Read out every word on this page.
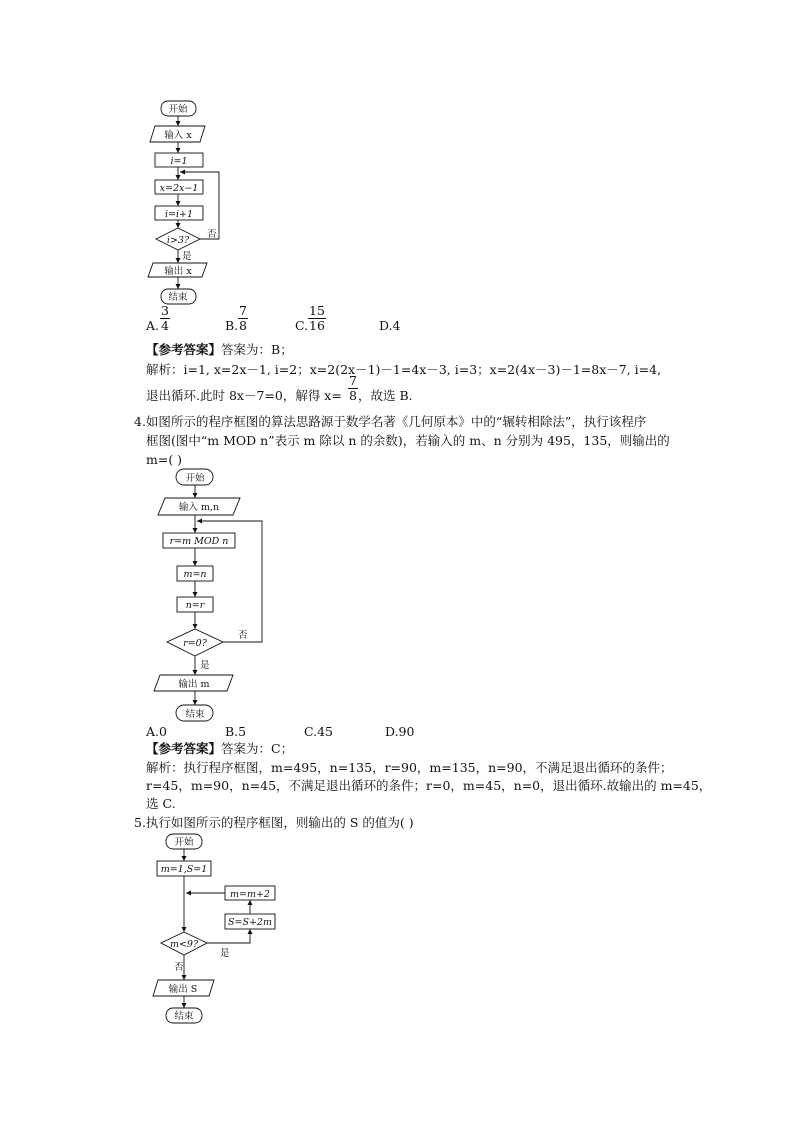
开始
输入 x
i=1
x=2x−1
i=i+1
i>3?
否
是
输出 x
结束
A. $\frac{3}{4}$	B. $\frac{7}{8}$	C. $\frac{15}{16}$	D.4
【参考答案】答案为：B；
解析：i=1, x=2x－1, i=2；x=2(2x－1)－1=4x－3, i=3；x=2(4x－3)－1=8x－7, i=4,
退出循环.此时 8x－7=0，解得 $x= \frac{7}{8}$ ，故选 B.
4.如图所示的程序框图的算法思路源于数学名著《几何原本》中的“辗转相除法”，执行该程序
框图(图中“m MOD n”表示 m 除以 n 的余数)，若输入的 m、n 分别为 495，135，则输出的
m=( )
开始
输入 m,n
r=m MOD n
m=n
n=r
r=0?
否
是
输出 m
结束
A.0	B.5	C.45	D.90
【参考答案】答案为：C；
解析：执行程序框图，m=495，n=135，r=90，m=135，n=90，不满足退出循环的条件；
r=45，m=90，n=45，不满足退出循环的条件；r=0，m=45，n=0，退出循环.故输出的 m=45，
选 C.
5.执行如图所示的程序框图，则输出的 S 的值为( )
开始
m=1,S=1
m=m+2
S=S+2m
m<9?
是
否
输出 S
结束
